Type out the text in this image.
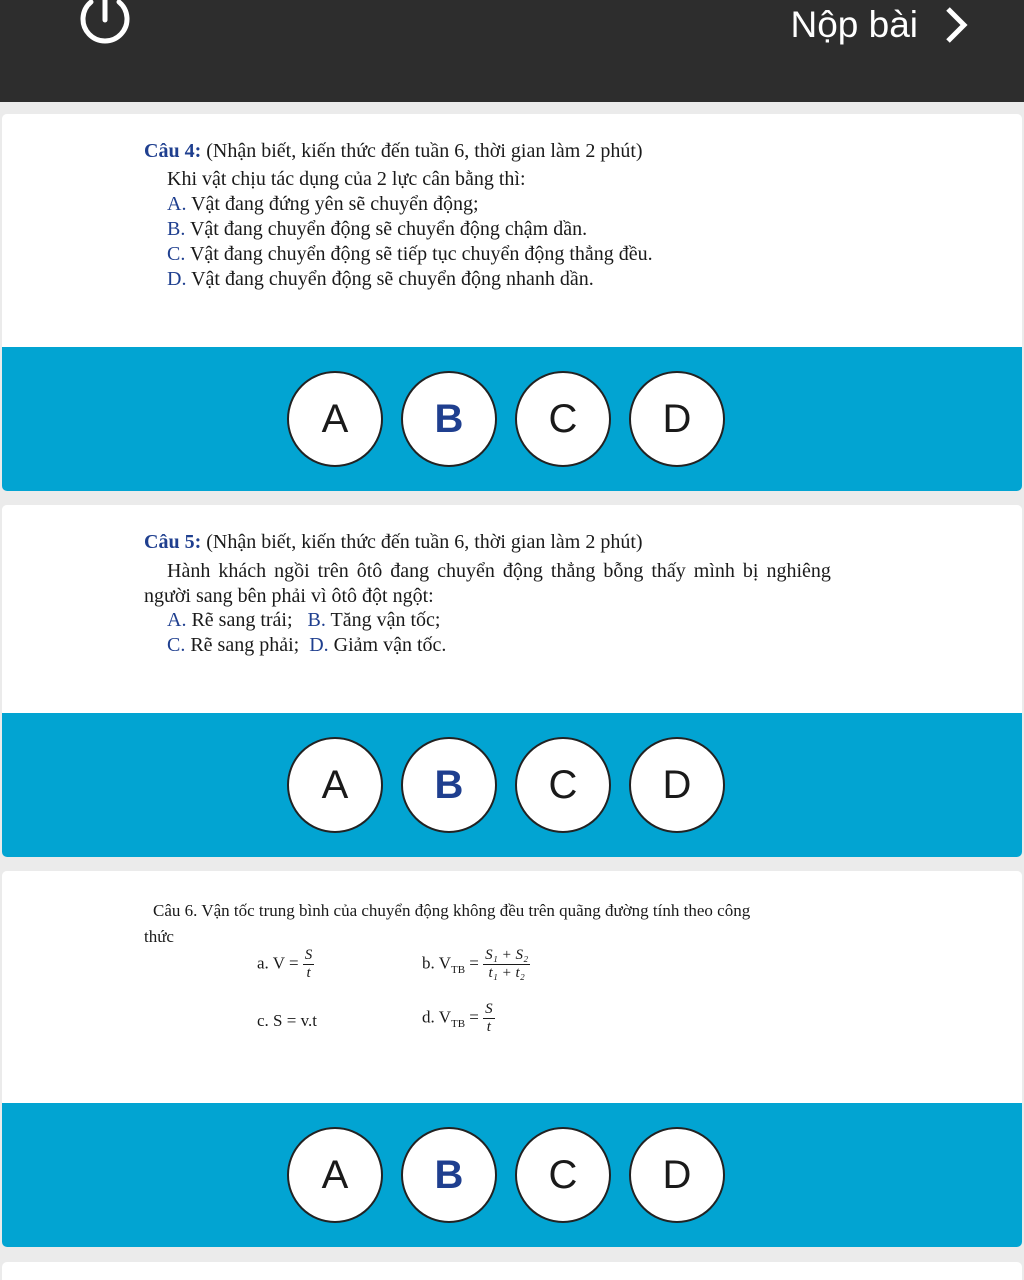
Nộp bài
Câu 4: (Nhận biết, kiến thức đến tuần 6, thời gian làm 2 phút)
Khi vật chịu tác dụng của 2 lực cân bằng thì:
A. Vật đang đứng yên sẽ chuyển động;
B. Vật đang chuyển động sẽ chuyển động chậm dần.
C. Vật đang chuyển động sẽ tiếp tục chuyển động thẳng đều.
D. Vật đang chuyển động sẽ chuyển động nhanh dần.
A	B	C	D
Câu 5: (Nhận biết, kiến thức đến tuần 6, thời gian làm 2 phút)
Hành khách ngồi trên ôtô đang chuyển động thẳng bỗng thấy mình bị nghiêng
người sang bên phải vì ôtô đột ngột:
A. Rẽ sang trái; B. Tăng vận tốc;
C. Rẽ sang phải; D. Giảm vận tốc.
A	B	C	D
Câu 6. Vận tốc trung bình của chuyển động không đều trên quãng đường tính theo công
thức
a. $V = \frac{S}{t}$	b. $V_{TB} = \frac{\text{S₁ + S₂}}{\text{t₁ + t₂}}$
c. S = v.t	d. $V_{TB} = \frac{S}{t}$
A	B	C	D
